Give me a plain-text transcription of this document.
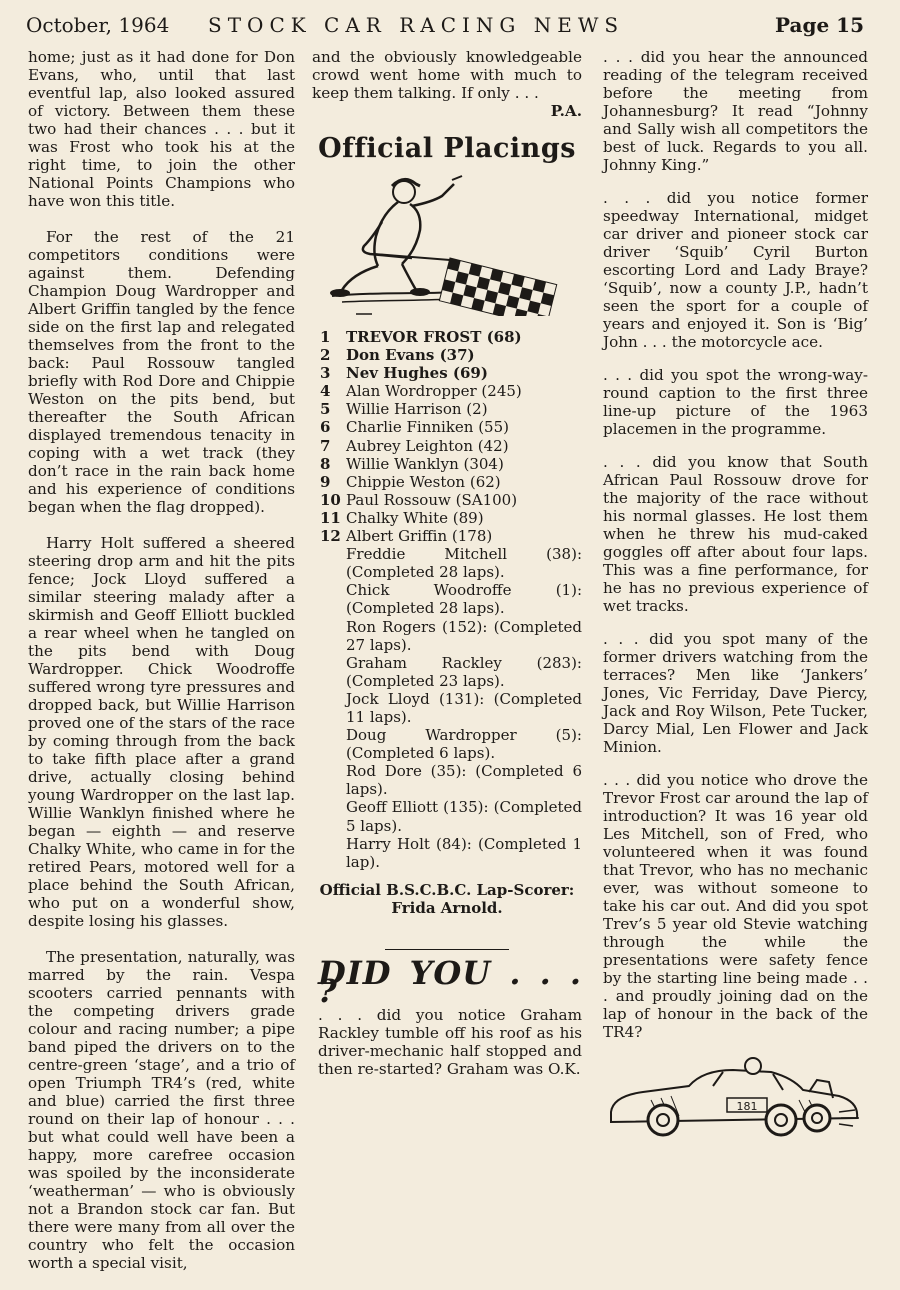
October, 1964 STOCK CAR RACING NEWS	Page 15

home; just as it had done for Don Evans, who, until that last eventful lap, also looked assured of victory. Between them these two had their chances . . . but it was Frost who took his at the right time, to join the other National Points Champions who have won this title.

For the rest of the 21 competitors conditions were against them. Defending Champion Doug Wardropper and Albert Griffin tangled by the fence side on the first lap and relegated themselves from the front to the back: Paul Rossouw tangled briefly with Rod Dore and Chippie Weston on the pits bend, but thereafter the South African displayed tremendous tenacity in coping with a wet track (they don’t race in the rain back home and his experience of conditions began when the flag dropped).

Harry Holt suffered a sheered steering drop arm and hit the pits fence; Jock Lloyd suffered a similar steering malady after a skirmish and Geoff Elliott buckled a rear wheel when he tangled on the pits bend with Doug Wardropper. Chick Woodroffe suffered wrong tyre pressures and dropped back, but Willie Harrison proved one of the stars of the race by coming through from the back to take fifth place after a grand drive, actually closing behind young Wardropper on the last lap. Willie Wanklyn finished where he began — eighth — and reserve Chalky White, who came in for the retired Pears, motored well for a place behind the South African, who put on a wonderful show, despite losing his glasses.

The presentation, naturally, was marred by the rain. Vespa scooters carried pennants with the competing drivers grade colour and racing number; a pipe band piped the drivers on to the centre-green ‘stage’, and a trio of open Triumph TR4’s (red, white and blue) carried the first three round on their lap of honour . . . but what could well have been a happy, more carefree occasion was spoiled by the inconsiderate ‘weatherman’ — who is obviously not a Brandon stock car fan. But there were many from all over the country who felt the occasion worth a special visit,

and the obviously knowledgeable crowd went home with much to keep them talking. If only . . .

P.A.

Official Placings
1	TREVOR FROST (68)
2	Don Evans (37)
3	Nev Hughes (69)
4	Alan Wordropper (245)
5	Willie Harrison (2)
6	Charlie Finniken (55)
7	Aubrey Leighton (42)
8	Willie Wanklyn (304)
9	Chippie Weston (62)
10 Paul Rossouw (SA100)
11 Chalky White (89)
12 Albert Griffin (178)
Freddie Mitchell (38): (Completed 28 laps).
Chick Woodroffe (1): (Completed 28 laps).
Ron Rogers (152): (Completed 27 laps).
Graham Rackley (283): (Completed 23 laps).
Jock Lloyd (131): (Completed 11 laps).
Doug Wardropper (5): (Completed 6 laps).
Rod Dore (35): (Completed 6 laps).
Geoff Elliott (135): (Completed 5 laps).
Harry Holt (84): (Completed 1 lap).
Official B.S.C.B.C. Lap-Scorer:
Frida Arnold.
DID YOU . . . ?

. . . did you notice Graham Rackley tumble off his roof as his driver-mechanic half stopped and then re-started? Graham was O.K.

. . . did you hear the announced reading of the telegram received before the meeting from Johannesburg? It read “Johnny and Sally wish all competitors the best of luck. Regards to you all. Johnny King.”

. . . did you notice former speedway International, midget car driver and pioneer stock car driver ‘Squib’ Cyril Burton escorting Lord and Lady Braye? ‘Squib’, now a county J.P., hadn’t seen the sport for a couple of years and enjoyed it. Son is ‘Big’ John . . . the motorcycle ace.

. . . did you spot the wrong-way-round caption to the first three line-up picture of the 1963 placemen in the programme.

. . . did you know that South African Paul Rossouw drove for the majority of the race without his normal glasses. He lost them when he threw his mud-caked goggles off after about four laps. This was a fine performance, for he has no previous experience of wet tracks.

. . . did you spot many of the former drivers watching from the terraces? Men like ‘Jankers’ Jones, Vic Ferriday, Dave Piercy, Jack and Roy Wilson, Pete Tucker, Darcy Mial, Len Flower and Jack Minion.

. . . did you notice who drove the Trevor Frost car around the lap of introduction? It was 16 year old Les Mitchell, son of Fred, who volunteered when it was found that Trevor, who has no mechanic ever, was without someone to take his car out. And did you spot Trev’s 5 year old Stevie watching through the while the presentations were safety fence by the starting line being made . . . and proudly joining dad on the lap of honour in the back of the TR4?

181
